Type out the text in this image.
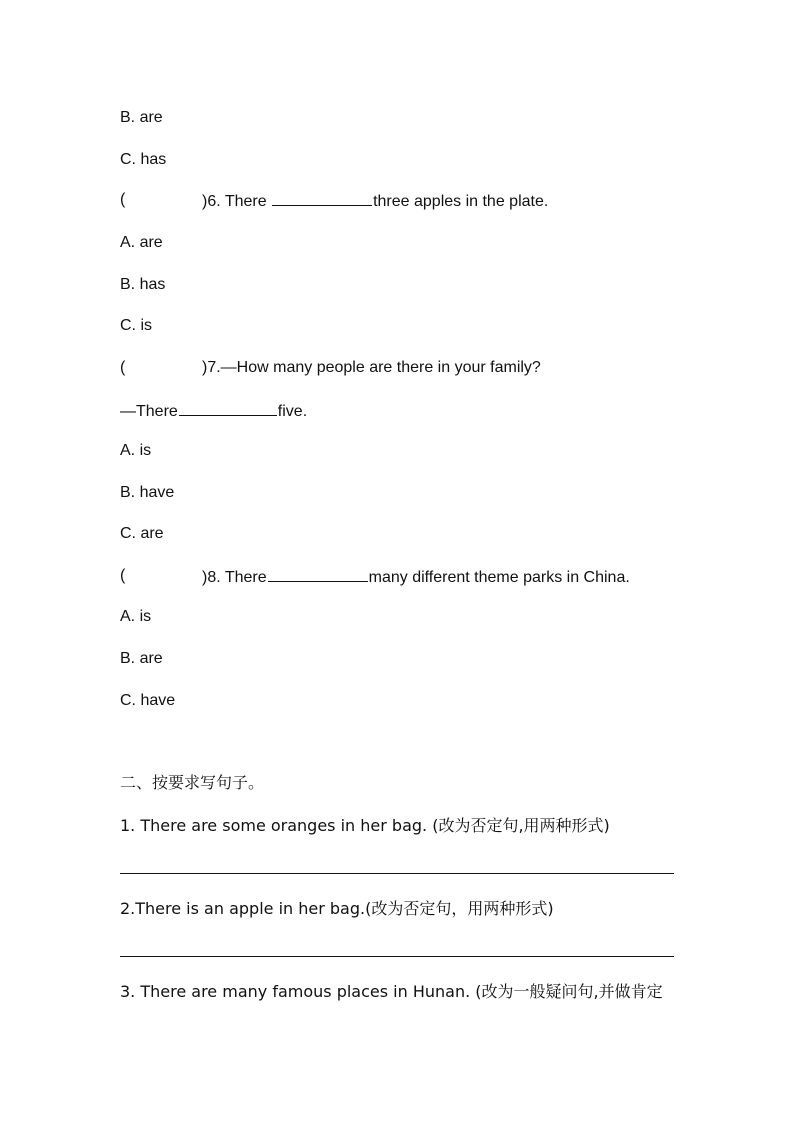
B. are
C. has
(	)6. There	three apples in the plate.
A. are
B. has
C. is
(	)7.—How many people are there in your family?
—There	five.
A. is
B. have
C. are
(	)8. There	many different theme parks in China.
A. is
B. are
C. have
二、按要求写句子。
1. There are some oranges in her bag. (改为否定句,用两种形式)
2.There is an apple in her bag.(改为否定句，用两种形式)
3. There are many famous places in Hunan. (改为一般疑问句,并做肯定
